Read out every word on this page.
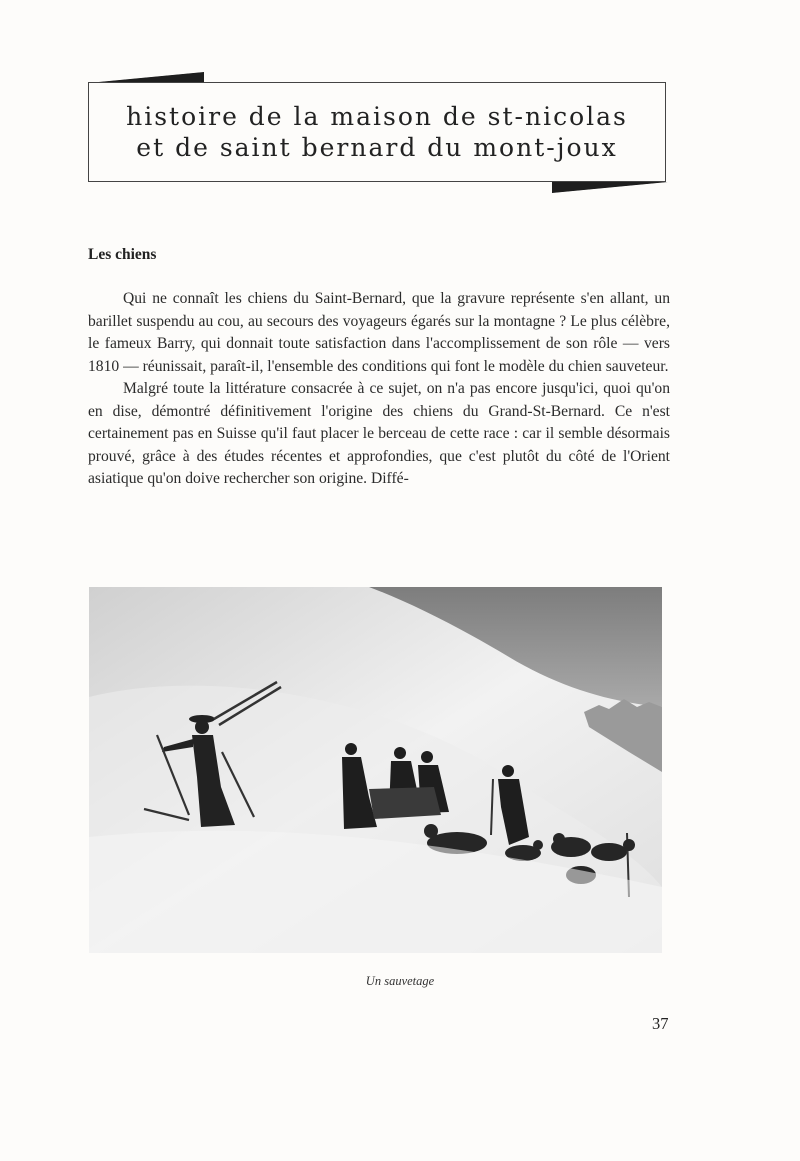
histoire de la maison de st-nicolas
et de saint bernard du mont-joux
Les chiens

Qui ne connaît les chiens du Saint-Bernard, que la gravure représente s'en allant, un barillet suspendu au cou, au secours des voyageurs égarés sur la montagne ? Le plus célèbre, le fameux Barry, qui donnait toute satisfaction dans l'accomplissement de son rôle — vers 1810 — réunissait, paraît-il, l'ensemble des conditions qui font le modèle du chien sauveteur.

Malgré toute la littérature consacrée à ce sujet, on n'a pas encore jusqu'ici, quoi qu'on en dise, démontré définitivement l'origine des chiens du Grand-St-Bernard. Ce n'est certainement pas en Suisse qu'il faut placer le berceau de cette race : car il semble désormais prouvé, grâce à des études récentes et approfondies, que c'est plutôt du côté de l'Orient asiatique qu'on doive rechercher son origine. Diffé-

Un sauvetage
37
